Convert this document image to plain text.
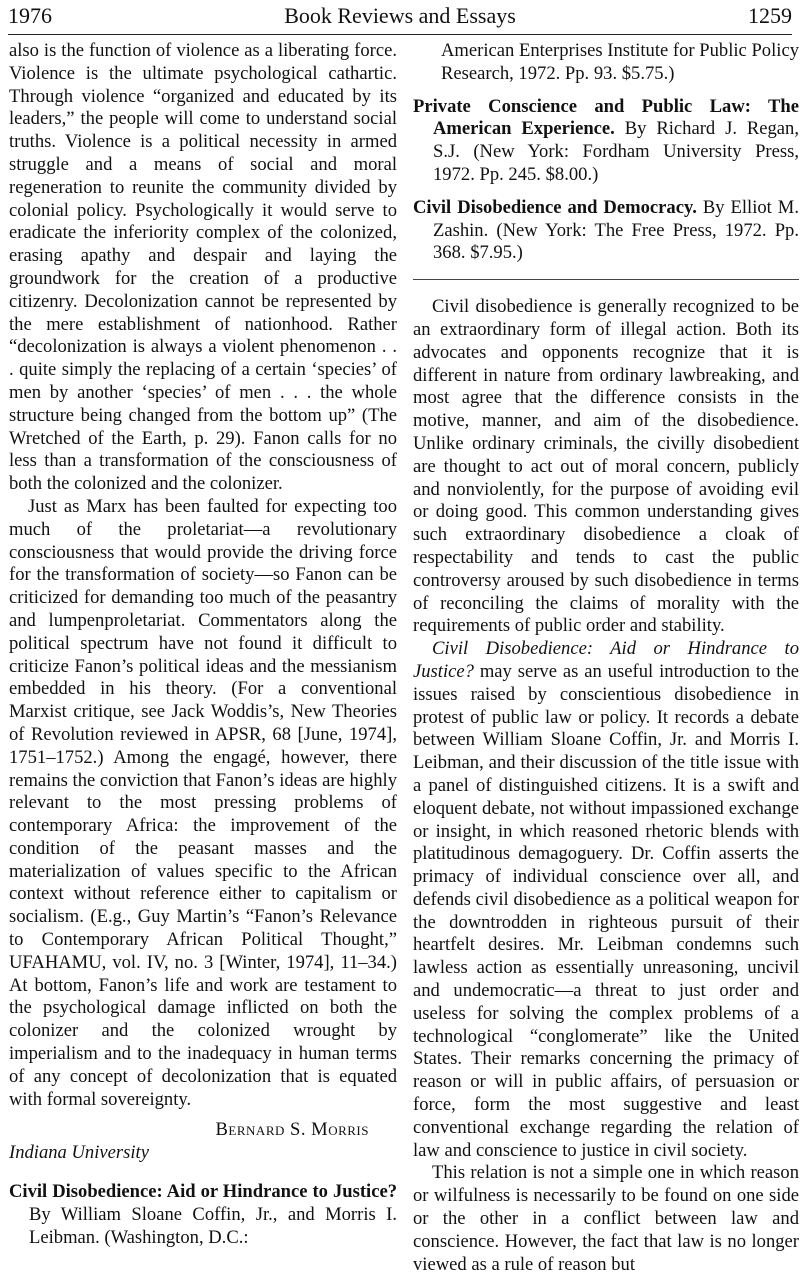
1976	Book Reviews and Essays	1259

also is the function of violence as a liberating force. Violence is the ultimate psychological cathartic. Through violence “organized and educated by its leaders,” the people will come to understand social truths. Violence is a political necessity in armed struggle and a means of social and moral regeneration to reunite the community divided by colonial policy. Psychologically it would serve to eradicate the inferiority complex of the colonized, erasing apathy and despair and laying the groundwork for the creation of a productive citizenry. Decolonization cannot be represented by the mere establishment of nationhood. Rather “decolonization is always a violent phenomenon . . . quite simply the replacing of a certain ‘species’ of men by another ‘species’ of men . . . the whole structure being changed from the bottom up” (The Wretched of the Earth, p. 29). Fanon calls for no less than a transformation of the consciousness of both the colonized and the colonizer.

Just as Marx has been faulted for expecting too much of the proletariat—a revolutionary consciousness that would provide the driving force for the transformation of society—so Fanon can be criticized for demanding too much of the peasantry and lumpenproletariat. Commentators along the political spectrum have not found it difficult to criticize Fanon’s political ideas and the messianism embedded in his theory. (For a conventional Marxist critique, see Jack Woddis’s, New Theories of Revolution reviewed in APSR, 68 [June, 1974], 1751–1752.) Among the engagé, however, there remains the conviction that Fanon’s ideas are highly relevant to the most pressing problems of contemporary Africa: the improvement of the condition of the peasant masses and the materialization of values specific to the African context without reference either to capitalism or socialism. (E.g., Guy Martin’s “Fanon’s Relevance to Contemporary African Political Thought,” UFAHAMU, vol. IV, no. 3 [Winter, 1974], 11–34.) At bottom, Fanon’s life and work are testament to the psychological damage inflicted on both the colonizer and the colonized wrought by imperialism and to the inadequacy in human terms of any concept of decolonization that is equated with formal sovereignty.

Bernard S. Morris
Indiana University

Civil Disobedience: Aid or Hindrance to Justice? By William Sloane Coffin, Jr., and Morris I. Leibman. (Washington, D.C.:

American Enterprises Institute for Public Policy Research, 1972. Pp. 93. $5.75.)

Private Conscience and Public Law: The American Experience. By Richard J. Regan, S.J. (New York: Fordham University Press, 1972. Pp. 245. $8.00.)

Civil Disobedience and Democracy. By Elliot M. Zashin. (New York: The Free Press, 1972. Pp. 368. $7.95.)

Civil disobedience is generally recognized to be an extraordinary form of illegal action. Both its advocates and opponents recognize that it is different in nature from ordinary lawbreaking, and most agree that the difference consists in the motive, manner, and aim of the disobedience. Unlike ordinary criminals, the civilly disobedient are thought to act out of moral concern, publicly and nonviolently, for the purpose of avoiding evil or doing good. This common understanding gives such extraordinary disobedience a cloak of respectability and tends to cast the public controversy aroused by such disobedience in terms of reconciling the claims of morality with the requirements of public order and stability.

Civil Disobedience: Aid or Hindrance to Justice? may serve as an useful introduction to the issues raised by conscientious disobedience in protest of public law or policy. It records a debate between William Sloane Coffin, Jr. and Morris I. Leibman, and their discussion of the title issue with a panel of distinguished citizens. It is a swift and eloquent debate, not without impassioned exchange or insight, in which reasoned rhetoric blends with platitudinous demagoguery. Dr. Coffin asserts the primacy of individual conscience over all, and defends civil disobedience as a political weapon for the downtrodden in righteous pursuit of their heartfelt desires. Mr. Leibman condemns such lawless action as essentially unreasoning, uncivil and undemocratic—a threat to just order and useless for solving the complex problems of a technological “conglomerate” like the United States. Their remarks concerning the primacy of reason or will in public affairs, of persuasion or force, form the most suggestive and least conventional exchange regarding the relation of law and conscience to justice in civil society.

This relation is not a simple one in which reason or wilfulness is necessarily to be found on one side or the other in a conflict between law and conscience. However, the fact that law is no longer viewed as a rule of reason but
